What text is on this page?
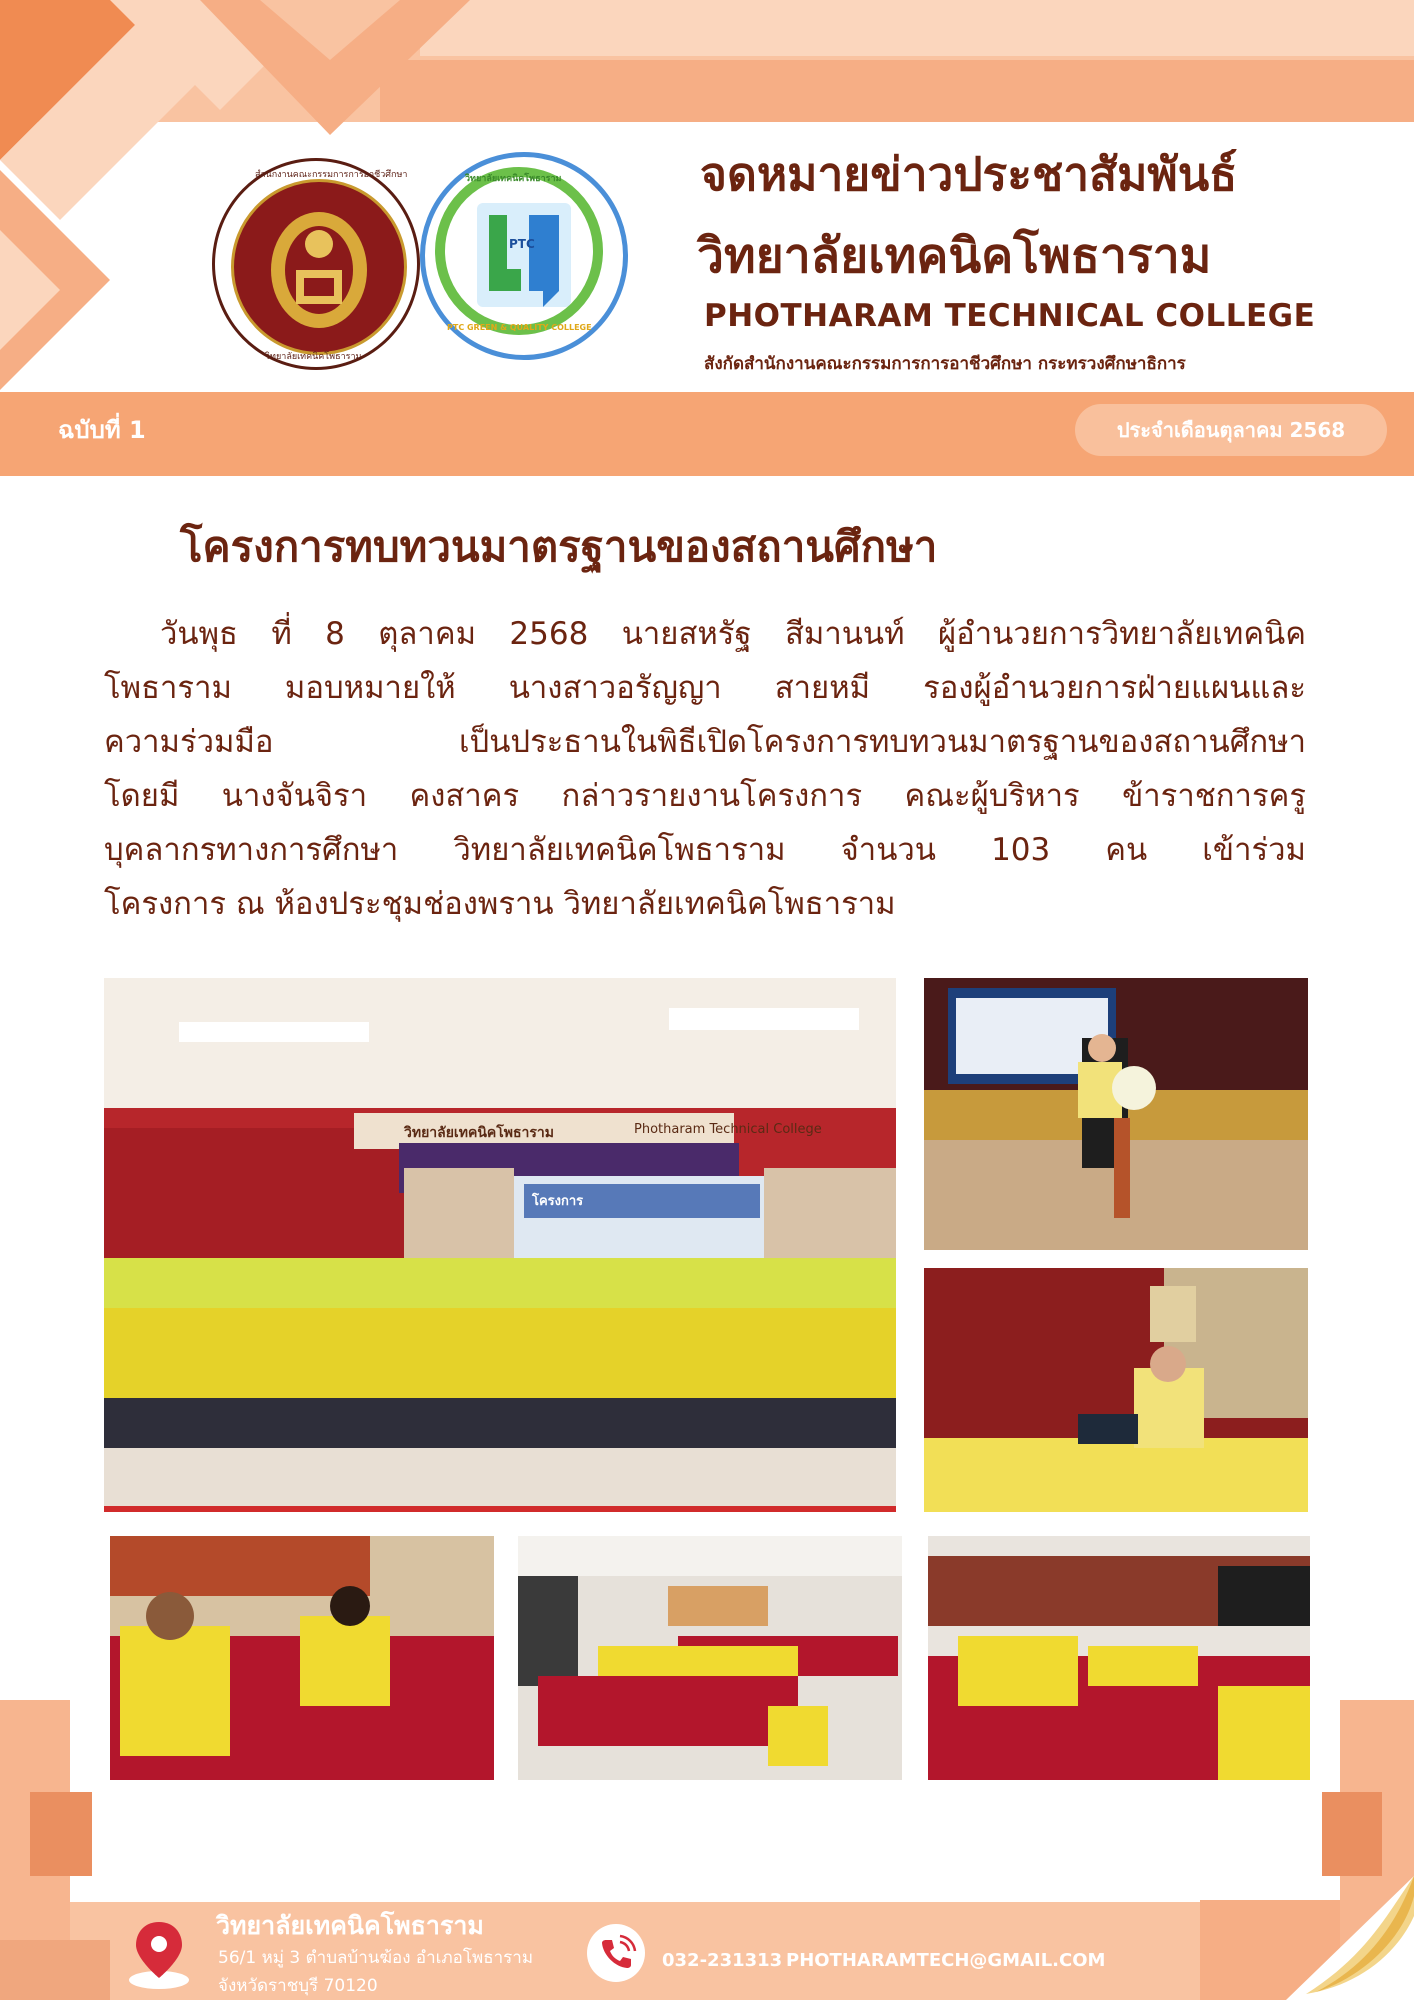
สำนักงานคณะกรรมการการอาชีวศึกษา
วิทยาลัยเทคนิคโพธาราม
PTC
วิทยาลัยเทคนิคโพธาราม
PTC GREEN & QUALITY COLLEGE
จดหมายข่าวประชาสัมพันธ์
วิทยาลัยเทคนิคโพธาราม
PHOTHARAM TECHNICAL COLLEGE
สังกัดสำนักงานคณะกรรมการการอาชีวศึกษา กระทรวงศึกษาธิการ
ฉบับที่ 1	ประจำเดือนตุลาคม 2568
โครงการทบทวนมาตรฐานของสถานศึกษา
วันพุธ ที่ 8 ตุลาคม 2568 นายสหรัฐ สีมานนท์ ผู้อำนวยการวิทยาลัยเทคนิค
โพธาราม มอบหมายให้ นางสาวอรัญญา สายหมี รองผู้อำนวยการฝ่ายแผนและ
ความร่วมมือ เป็นประธานในพิธีเปิดโครงการทบทวนมาตรฐานของสถานศึกษา
โดยมี นางจันจิรา คงสาคร กล่าวรายงานโครงการ คณะผู้บริหาร ข้าราชการครู
บุคลากรทางการศึกษา วิทยาลัยเทคนิคโพธาราม จำนวน 103 คน เข้าร่วม
โครงการ ณ ห้องประชุมช่องพราน วิทยาลัยเทคนิคโพธาราม
วิทยาลัยเทคนิคโพธาราม	Photharam Technical College
โครงการ
วิทยาลัยเทคนิคโพธาราม
56/1 หมู่ 3 ตำบลบ้านฆ้อง อำเภอโพธาราม
จังหวัดราชบุรี 70120
032-231313 PHOTHARAMTECH@GMAIL.COM
